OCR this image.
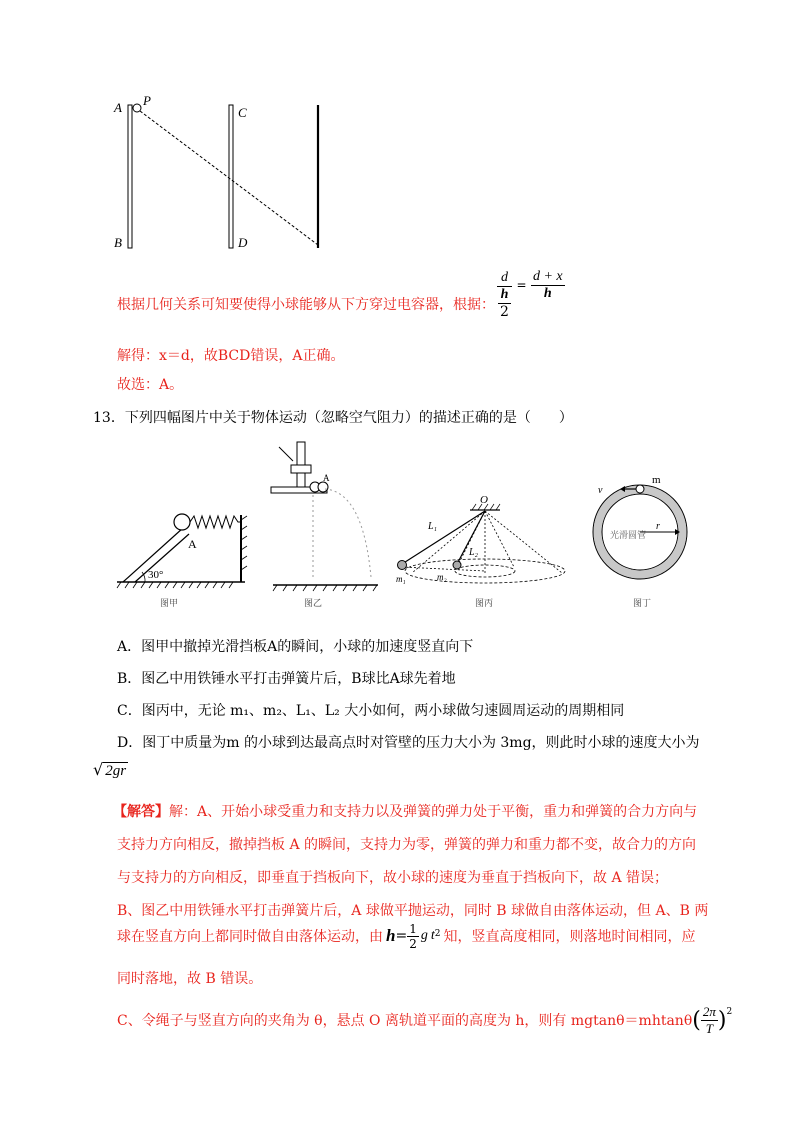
A P
B
C
D
根据几何关系可知要使得小球能够从下方穿过电容器，根据： $\frac{d}{\frac{h}{2}} = \frac{d + x}{h}$
解得：x＝d，故BCD错误，A正确。
故选：A。
13．下列四幅图片中关于物体运动（忽略空气阻力）的描述正确的是（　　）
A
30°
图甲
A
图乙
O
L₁
L₂
m₁	m₂
图丙
m
v
r
光滑圆管
图丁
A．图甲中撤掉光滑挡板A的瞬间，小球的加速度竖直向下
B．图乙中用铁锤水平打击弹簧片后，B球比A球先着地
C．图丙中，无论 m₁、m₂、L₁、L₂ 大小如何，两小球做匀速圆周运动的周期相同
D．图丁中质量为m 的小球到达最高点时对管壁的压力大小为 3mg，则此时小球的速度大小为
√ 2gr
【解答】解：A、开始小球受重力和支持力以及弹簧的弹力处于平衡，重力和弹簧的合力方向与
支持力方向相反，撤掉挡板 A 的瞬间，支持力为零，弹簧的弹力和重力都不变，故合力的方向
与支持力的方向相反，即垂直于挡板向下，故小球的速度为垂直于挡板向下，故 A 错误；
B、图乙中用铁锤水平打击弹簧片后，A 球做平抛运动，同时 B 球做自由落体运动，但 A、B 两
球在竖直方向上都同时做自由落体运动，由 $h = \frac{1}{2}$ g $t^2$ 知，竖直高度相同，则落地时间相同，应
同时落地，故 B 错误。
C、令绳子与竖直方向的夹角为 θ，悬点 O 离轨道平面的高度为 h，则有 mgtanθ＝mhtanθ ( $\frac{2\pi}{T} )^2$
